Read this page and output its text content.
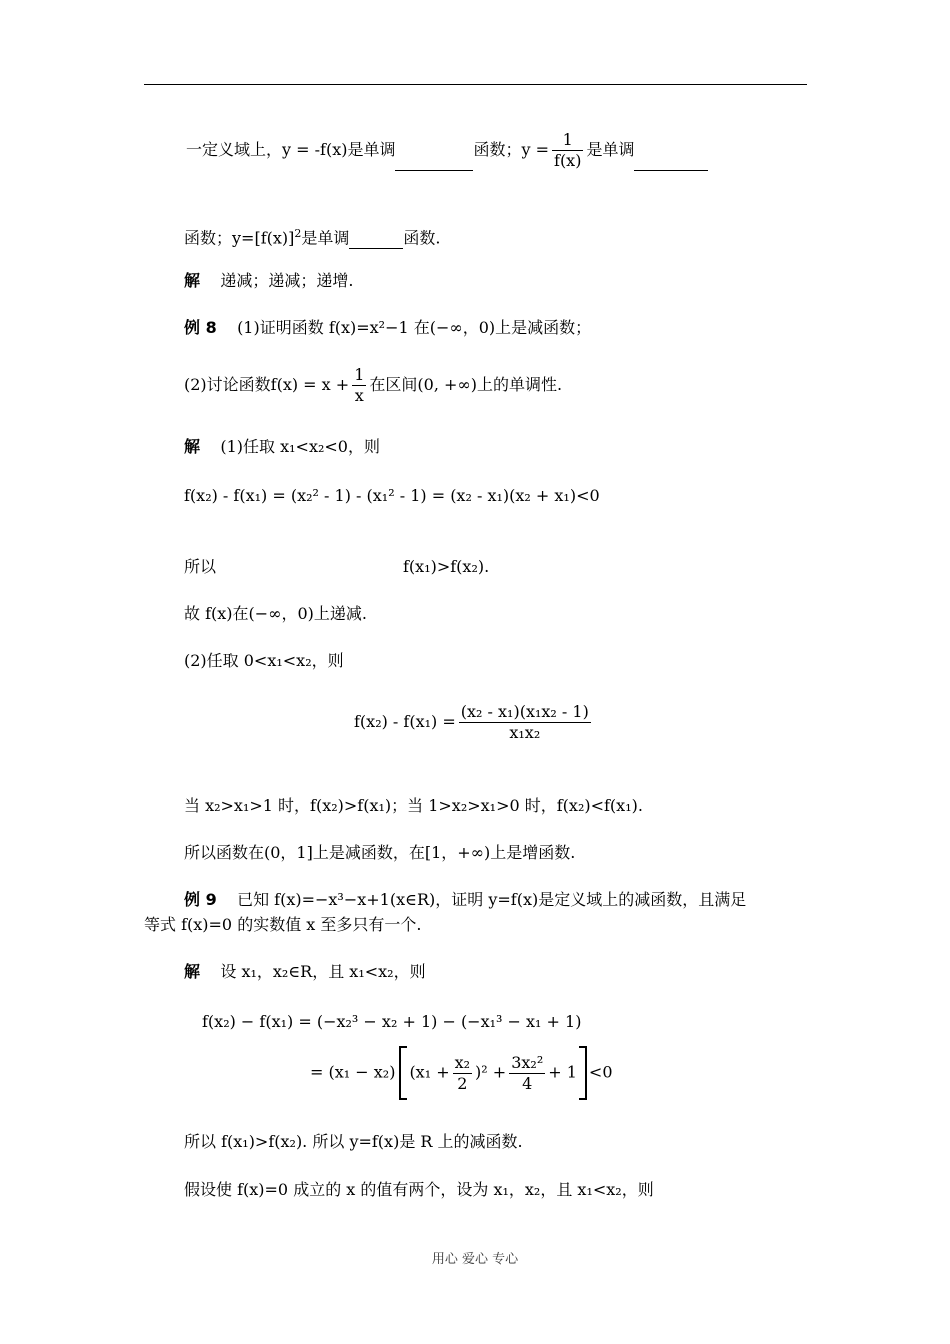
一定义域上，y = -f(x)是单调	函数；$y = \frac{1}{f(x)}$ 是单调
函数；$y=[f(x)]^2$是单调	函数.
解 递减；递减；递增.
例 8 (1)证明函数 f(x)=x²−1 在(−∞，0)上是减函数；
(2)讨论函数$f(x) = x + \frac{1}{x}$ 在区间(0, +∞)上的单调性.
解 (1)任取 x₁<x₂<0，则
f(x₂) - f(x₁) = (x₂² - 1) - (x₁² - 1) = (x₂ - x₁)(x₂ + x₁)<0
所以	f(x₁)>f(x₂).
故 f(x)在(−∞，0)上递减.
(2)任取 0<x₁<x₂，则
$f(x_2) - f(x_1) = \frac{\text{(x₂ - x₁)(x₁x₂ - 1)}}{\text{x₁x₂}}$
当 x₂>x₁>1 时，f(x₂)>f(x₁)；当 1>x₂>x₁>0 时，f(x₂)<f(x₁).
所以函数在(0，1]上是减函数，在[1，+∞)上是增函数.
例 9 已知 f(x)=−x³−x+1(x∈R)，证明 y=f(x)是定义域上的减函数，且满足
等式 f(x)=0 的实数值 x 至多只有一个.
解 设 x₁，x₂∈R，且 x₁<x₂，则
f(x₂) − f(x₁) = (−x₂³ − x₂ + 1) − (−x₁³ − x₁ + 1)
= (x₁ − x₂) $(x_1 + \frac{\text{x₂}}{2} )^2 + \frac{\text{3x₂²}}{4} + 1 <0$
所以 f(x₁)>f(x₂). 所以 y=f(x)是 R 上的减函数.
假设使 f(x)=0 成立的 x 的值有两个，设为 x₁，x₂，且 x₁<x₂，则
用心 爱心 专心
